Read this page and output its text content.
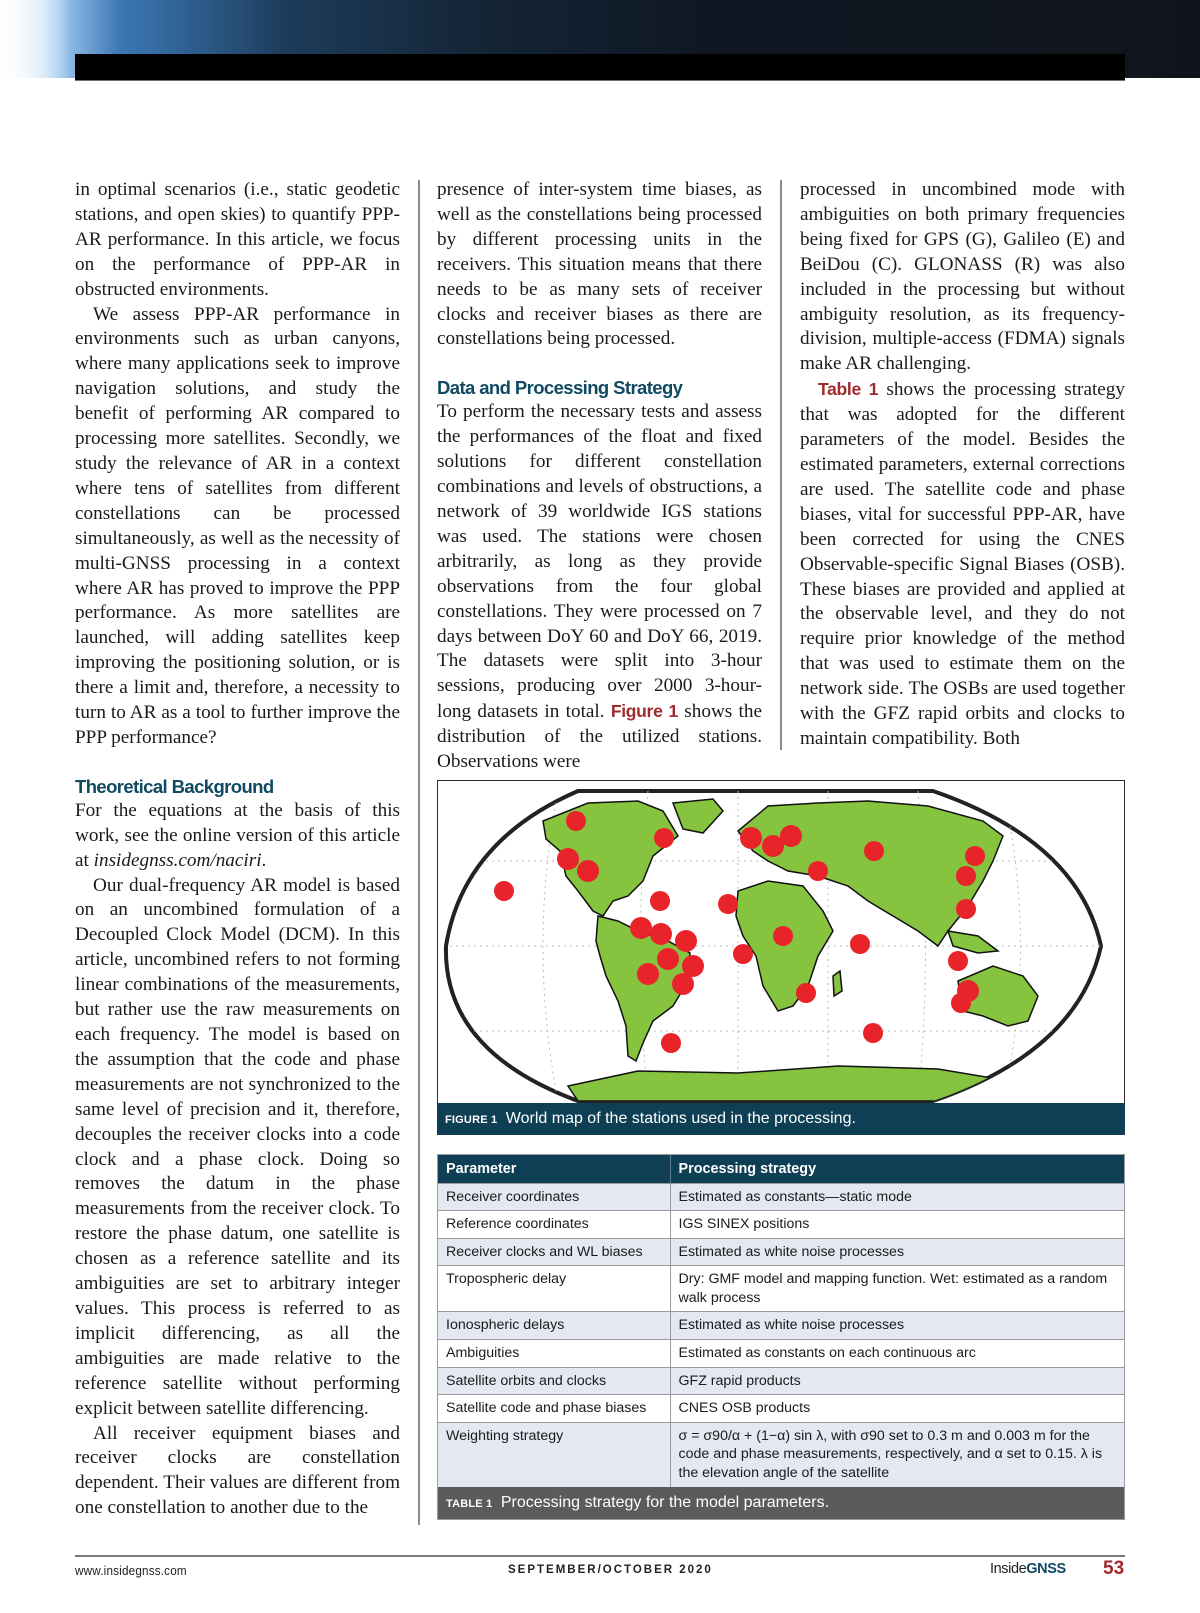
in optimal scenarios (i.e., static geodetic stations, and open skies) to quantify PPP-AR performance. In this article, we focus on the performance of PPP-AR in obstructed environments.

We assess PPP-AR performance in environments such as urban canyons, where many applications seek to improve navigation solutions, and study the benefit of performing AR compared to processing more satellites. Secondly, we study the relevance of AR in a context where tens of satellites from different constellations can be processed simultaneously, as well as the necessity of multi-GNSS processing in a context where AR has proved to improve the PPP performance. As more satellites are launched, will adding satellites keep improving the positioning solution, or is there a limit and, therefore, a necessity to turn to AR as a tool to further improve the PPP performance?

Theoretical Background

For the equations at the basis of this work, see the online version of this article at insidegnss.com/naciri.

Our dual-frequency AR model is based on an uncombined formulation of a Decoupled Clock Model (DCM). In this article, uncombined refers to not forming linear combinations of the measurements, but rather use the raw measurements on each frequency. The model is based on the assumption that the code and phase measurements are not synchronized to the same level of precision and it, therefore, decouples the receiver clocks into a code clock and a phase clock. Doing so removes the datum in the phase measurements from the receiver clock. To restore the phase datum, one satellite is chosen as a reference satellite and its ambiguities are set to arbitrary integer values. This process is referred to as implicit differencing, as all the ambiguities are made relative to the reference satellite without performing explicit between satellite differencing.

All receiver equipment biases and receiver clocks are constellation dependent. Their values are different from one constellation to another due to the

presence of inter-system time biases, as well as the constellations being processed by different processing units in the receivers. This situation means that there needs to be as many sets of receiver clocks and receiver biases as there are constellations being processed.

Data and Processing Strategy

To perform the necessary tests and assess the performances of the float and fixed solutions for different constellation combinations and levels of obstructions, a network of 39 worldwide IGS stations was used. The stations were chosen arbitrarily, as long as they provide observations from the four global constellations. They were processed on 7 days between DoY 60 and DoY 66, 2019. The datasets were split into 3-hour sessions, producing over 2000 3-hour-long datasets in total. Figure 1 shows the distribution of the utilized stations. Observations were

processed in uncombined mode with ambiguities on both primary frequencies being fixed for GPS (G), Galileo (E) and BeiDou (C). GLONASS (R) was also included in the processing but without ambiguity resolution, as its frequency-division, multiple-access (FDMA) signals make AR challenging.

Table 1 shows the processing strategy that was adopted for the different parameters of the model. Besides the estimated parameters, external corrections are used. The satellite code and phase biases, vital for successful PPP-AR, have been corrected for using the CNES Observable-specific Signal Biases (OSB). These biases are provided and applied at the observable level, and they do not require prior knowledge of the method that was used to estimate them on the network side. The OSBs are used together with the GFZ rapid orbits and clocks to maintain compatibility. Both

FIGURE 1 World map of the stations used in the processing.
Parameter	Processing strategy
Receiver coordinates	Estimated as constants—static mode
Reference coordinates	IGS SINEX positions
Receiver clocks and WL biases	Estimated as white noise processes
Tropospheric delay	Dry: GMF model and mapping function. Wet: estimated as a random walk process
Ionospheric delays	Estimated as white noise processes
Ambiguities	Estimated as constants on each continuous arc
Satellite orbits and clocks	GFZ rapid products
Satellite code and phase biases	CNES OSB products
Weighting strategy	σ = σ90/α + (1−α) sin λ, with σ90 set to 0.3 m and 0.003 m for the code and phase measurements, respectively, and α set to 0.15. λ is the elevation angle of the satellite
TABLE 1 Processing strategy for the model parameters.
www.insidegnss.com	SEPTEMBER/OCTOBER 2020	InsideGNSS 53
